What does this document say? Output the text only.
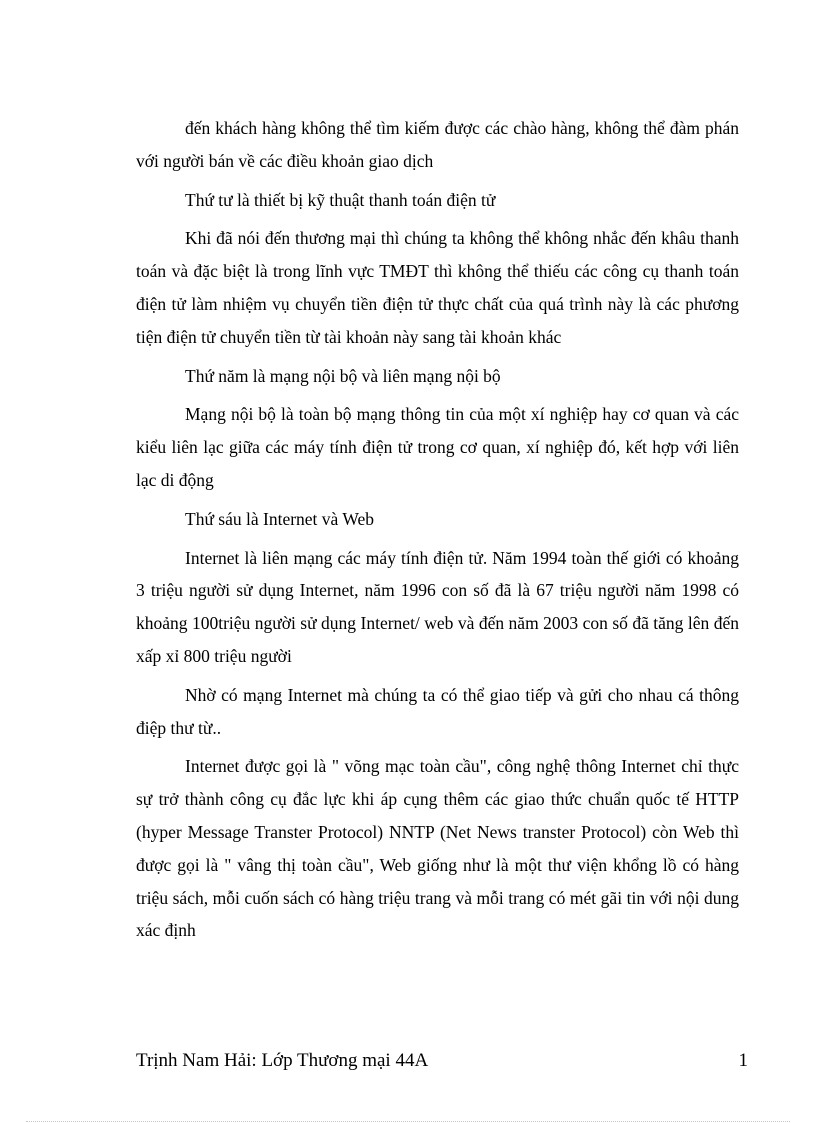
đến khách hàng không thể tìm kiếm được các chào hàng, không thể đàm phán với người bán về các điều khoản giao dịch

Thứ tư là thiết bị kỹ thuật thanh toán điện tử

Khi đã nói đến thương mại thì chúng ta không thể không nhắc đến khâu thanh toán và đặc biệt là trong lĩnh vực TMĐT thì không thể thiếu các công cụ thanh toán điện tử làm nhiệm vụ chuyển tiền điện tử thực chất của quá trình này là các phương tiện điện tử chuyển tiền từ tài khoản này sang tài khoản khác

Thứ năm là mạng nội bộ và liên mạng nội bộ

Mạng nội bộ là toàn bộ mạng thông tin của một xí nghiệp hay cơ quan và các kiểu liên lạc giữa các máy tính điện tử trong cơ quan, xí nghiệp đó, kết hợp với liên lạc di động

Thứ sáu là Internet và Web

Internet là liên mạng các máy tính điện tử. Năm 1994 toàn thế giới có khoảng 3 triệu người sử dụng Internet, năm 1996 con số đã là 67 triệu người năm 1998 có khoảng 100triệu người sử dụng Internet/ web và đến năm 2003 con số đã tăng lên đến xấp xỉ 800 triệu người

Nhờ có mạng Internet mà chúng ta có thể giao tiếp và gửi cho nhau cá thông điệp thư từ..

Internet được gọi là " võng mạc toàn cầu", công nghệ thông Internet chỉ thực sự trở thành công cụ đắc lực khi áp cụng thêm các giao thức chuẩn quốc tế HTTP (hyper Message Transter Protocol) NNTP (Net News transter Protocol) còn Web thì được gọi là " vâng thị toàn cầu", Web giống như là một thư viện khổng lồ có hàng triệu sách, mỗi cuốn sách có hàng triệu trang và mỗi trang có mét gãi tin với nội dung xác định

Trịnh Nam Hải: Lớp Thương mại 44A	1
